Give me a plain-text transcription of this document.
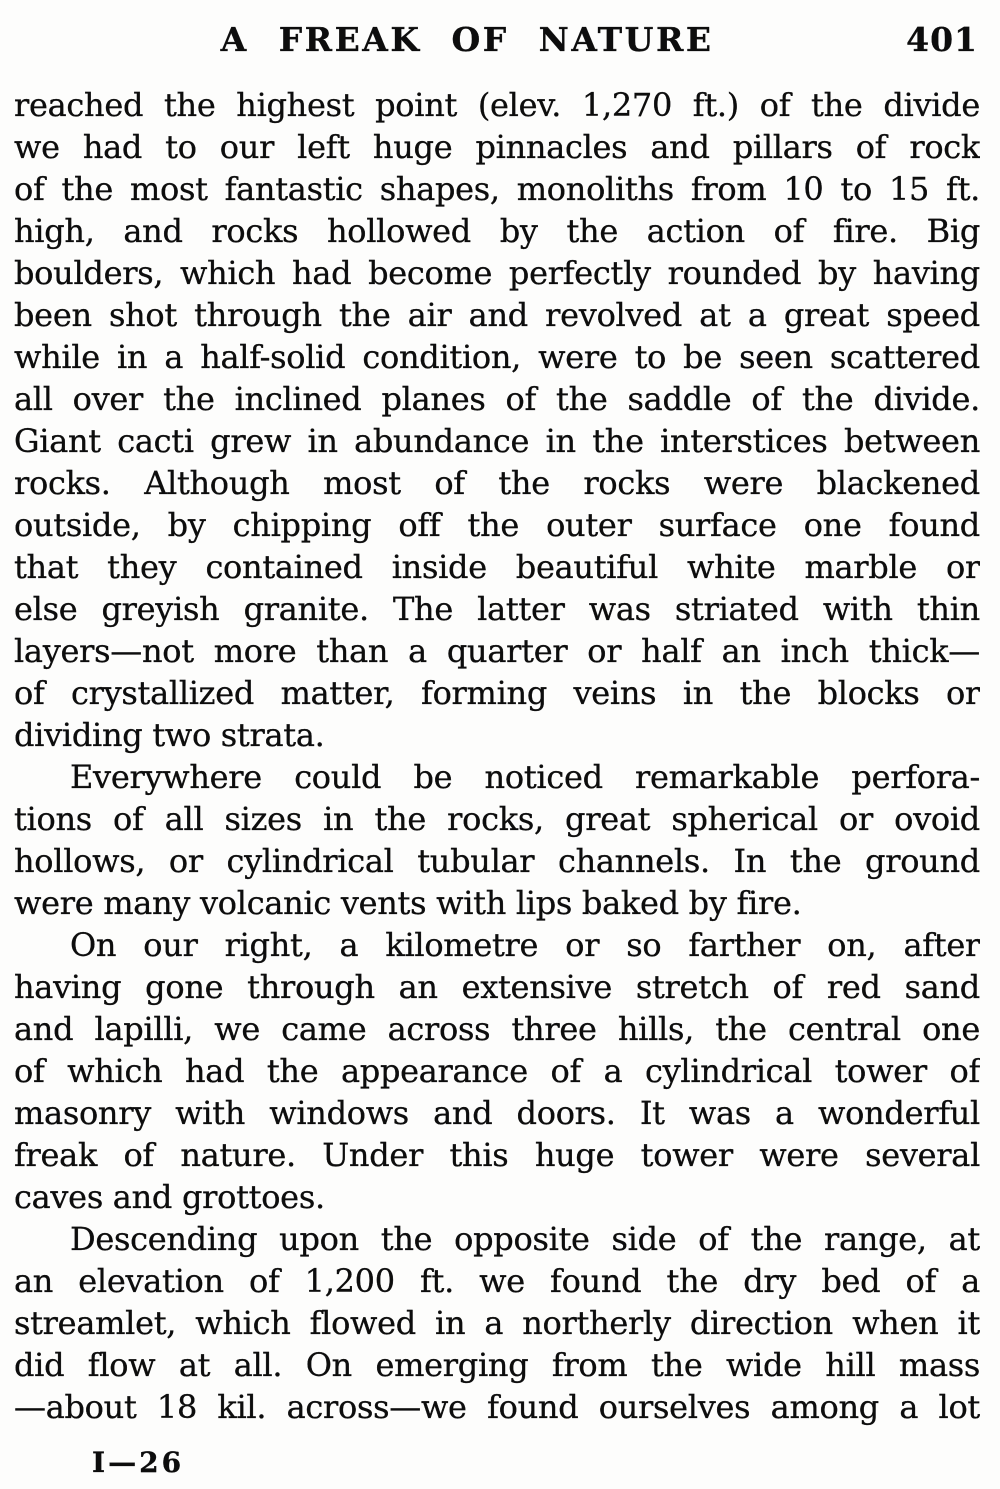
A FREAK OF NATURE	401
reached the highest point (elev. 1,270 ft.) of the divide
we had to our left huge pinnacles and pillars of rock
of the most fantastic shapes, monoliths from 10 to 15 ft.
high, and rocks hollowed by the action of fire. Big
boulders, which had become perfectly rounded by having
been shot through the air and revolved at a great speed
while in a half-solid condition, were to be seen scattered
all over the inclined planes of the saddle of the divide.
Giant cacti grew in abundance in the interstices between
rocks. Although most of the rocks were blackened
outside, by chipping off the outer surface one found
that they contained inside beautiful white marble or
else greyish granite. The latter was striated with thin
layers—not more than a quarter or half an inch thick—
of crystallized matter, forming veins in the blocks or
dividing two strata.
Everywhere could be noticed remarkable perfora-
tions of all sizes in the rocks, great spherical or ovoid
hollows, or cylindrical tubular channels. In the ground
were many volcanic vents with lips baked by fire.
On our right, a kilometre or so farther on, after
having gone through an extensive stretch of red sand
and lapilli, we came across three hills, the central one
of which had the appearance of a cylindrical tower of
masonry with windows and doors. It was a wonderful
freak of nature. Under this huge tower were several
caves and grottoes.
Descending upon the opposite side of the range, at
an elevation of 1,200 ft. we found the dry bed of a
streamlet, which flowed in a northerly direction when it
did flow at all. On emerging from the wide hill mass
—about 18 kil. across—we found ourselves among a lot
I—26
